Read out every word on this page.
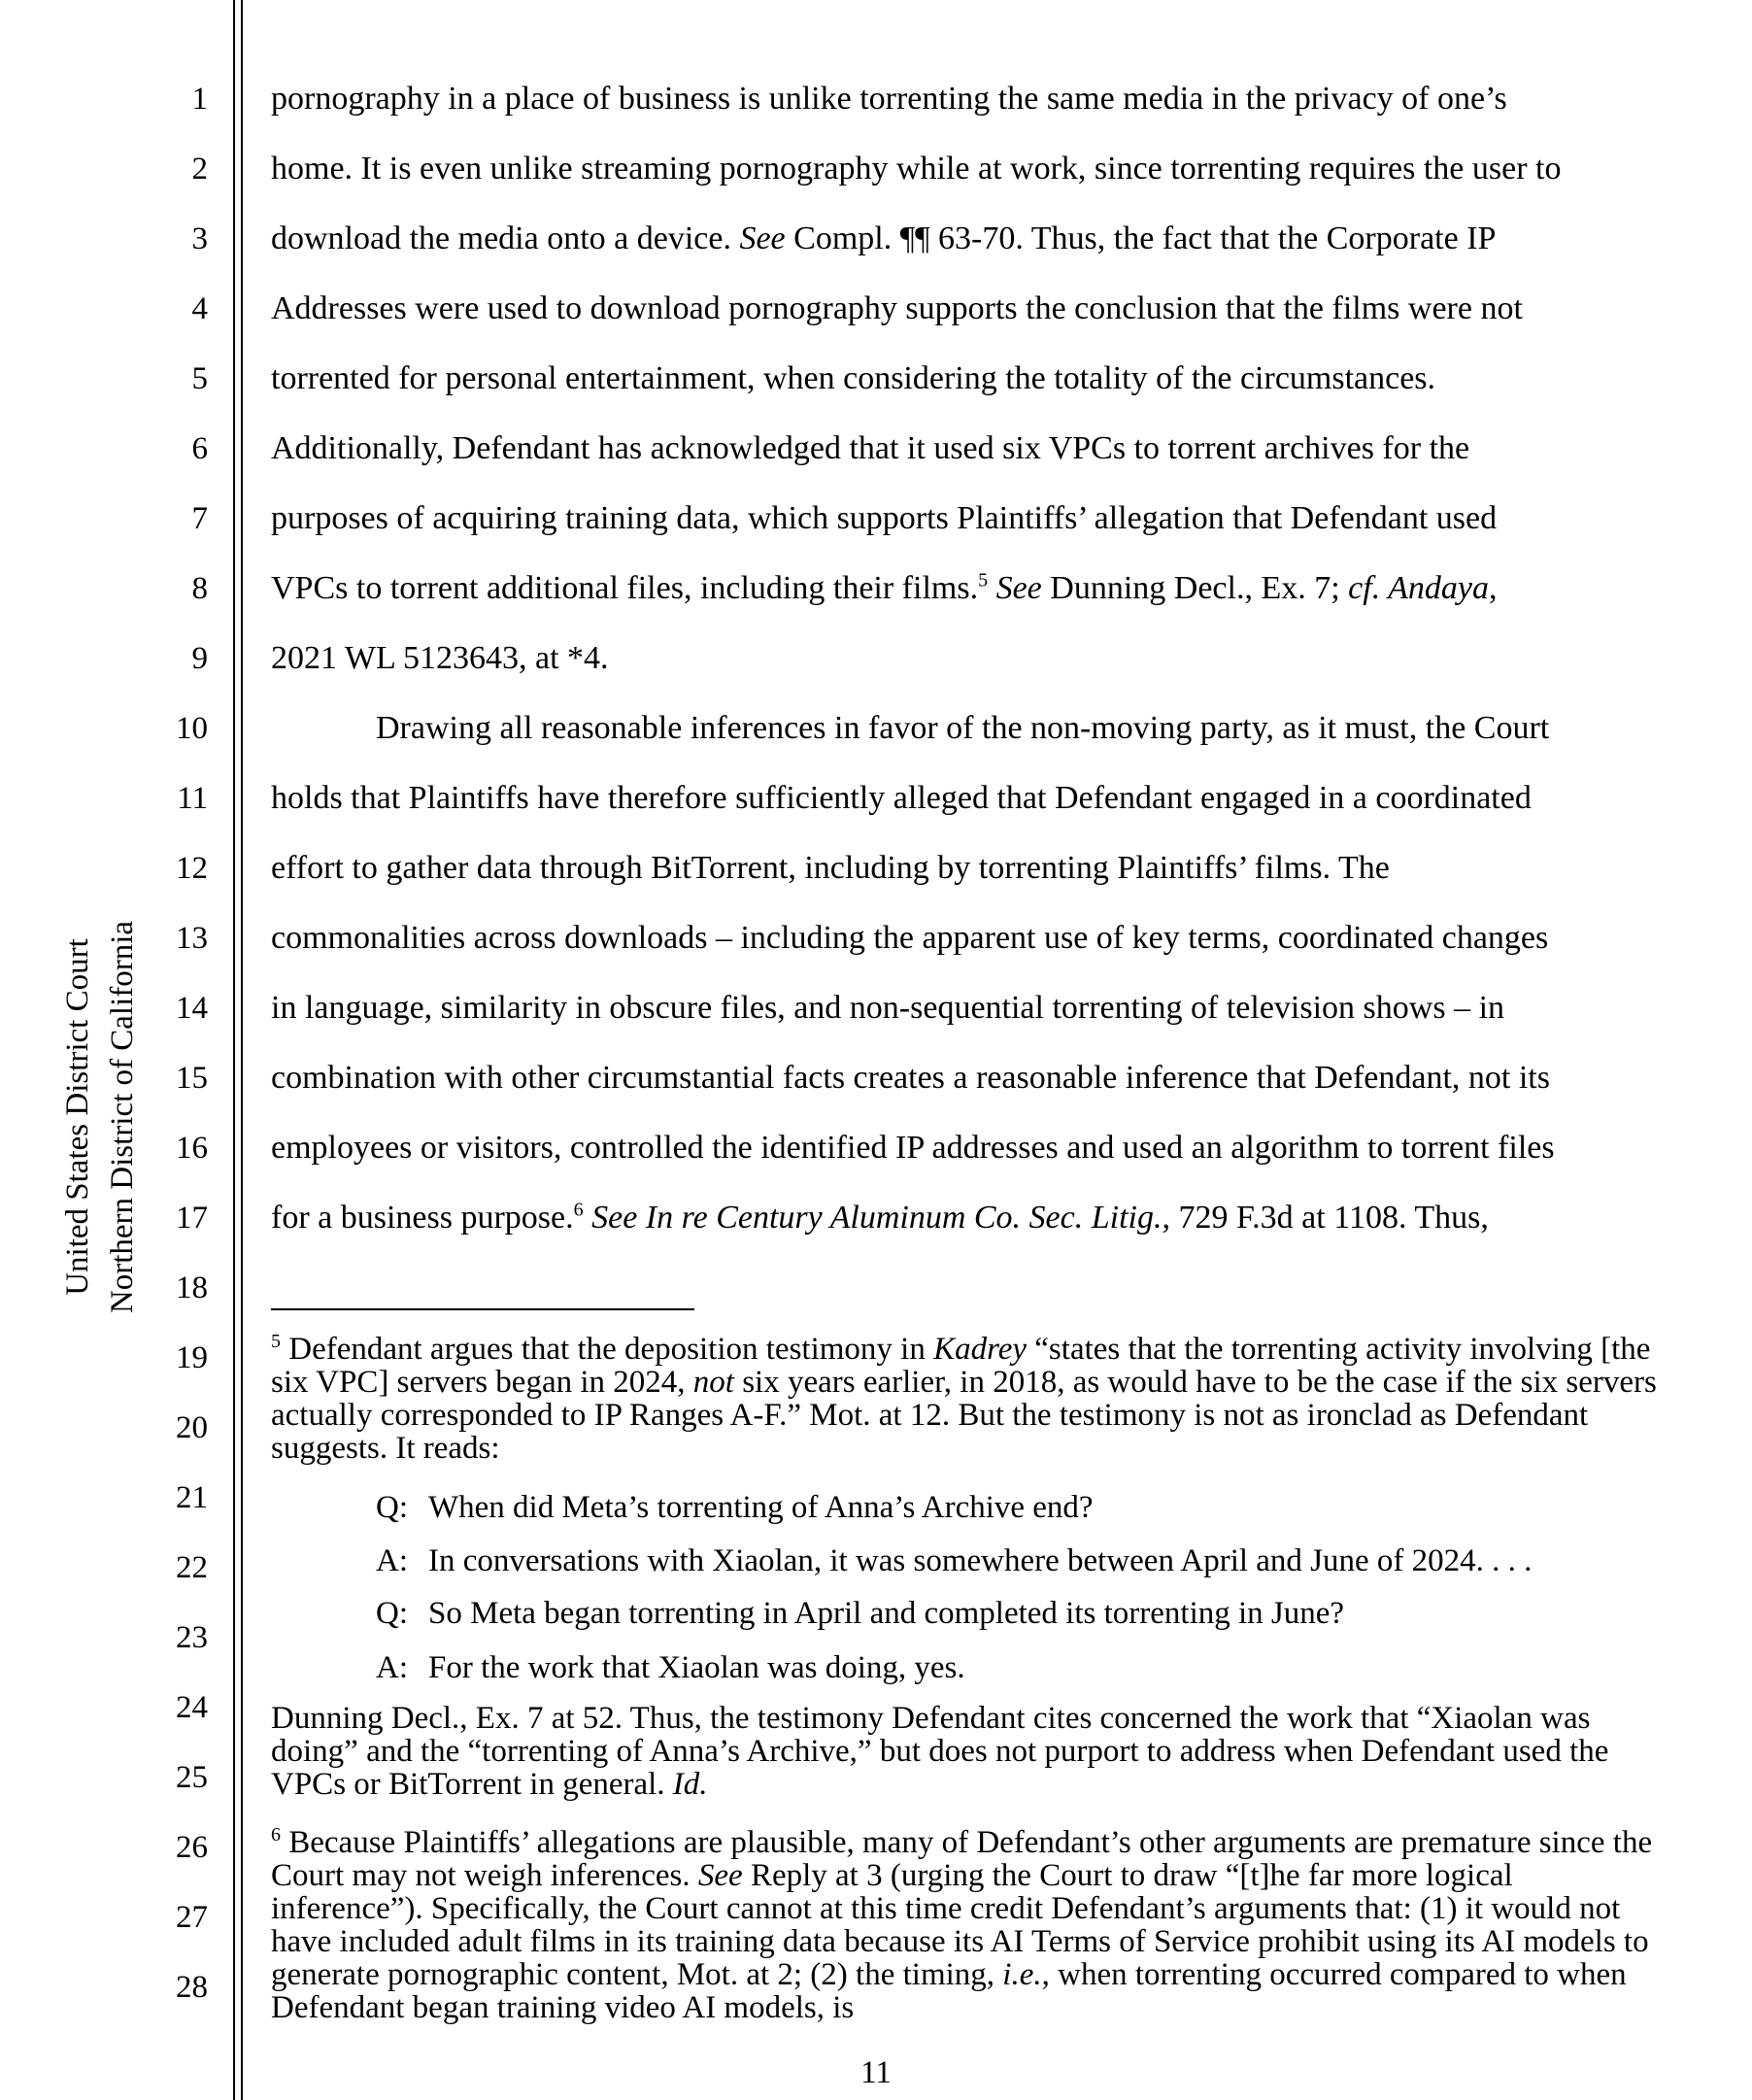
United States District Court Northern District of California
1
2
3
4
5
6
7
8
9
10
11
12
13
14
15
16
17
18
19
20
21
22
23
24
25
26
27
28
pornography in a place of business is unlike torrenting the same media in the privacy of one’s
home. It is even unlike streaming pornography while at work, since torrenting requires the user to
download the media onto a device. See Compl. ¶¶ 63-70. Thus, the fact that the Corporate IP
Addresses were used to download pornography supports the conclusion that the films were not
torrented for personal entertainment, when considering the totality of the circumstances.
Additionally, Defendant has acknowledged that it used six VPCs to torrent archives for the
purposes of acquiring training data, which supports Plaintiffs’ allegation that Defendant used
VPCs to torrent additional files, including their films.$^5$ See Dunning Decl., Ex. 7; cf. Andaya,
2021 WL 5123643, at *4.
Drawing all reasonable inferences in favor of the non-moving party, as it must, the Court
holds that Plaintiffs have therefore sufficiently alleged that Defendant engaged in a coordinated
effort to gather data through BitTorrent, including by torrenting Plaintiffs’ films. The
commonalities across downloads – including the apparent use of key terms, coordinated changes
in language, similarity in obscure files, and non-sequential torrenting of television shows – in
combination with other circumstantial facts creates a reasonable inference that Defendant, not its
employees or visitors, controlled the identified IP addresses and used an algorithm to torrent files
for a business purpose.$^6$ See In re Century Aluminum Co. Sec. Litig., 729 F.3d at 1108. Thus,
$^5$ Defendant argues that the deposition testimony in Kadrey “states that the torrenting activity involving [the six VPC] servers began in 2024, not six years earlier, in 2018, as would have to be the case if the six servers actually corresponded to IP Ranges A-F.” Mot. at 12. But the testimony is not as ironclad as Defendant suggests. It reads:
Q: When did Meta’s torrenting of Anna’s Archive end?
A: In conversations with Xiaolan, it was somewhere between April and June of 2024. . . .
Q: So Meta began torrenting in April and completed its torrenting in June?
A: For the work that Xiaolan was doing, yes.
Dunning Decl., Ex. 7 at 52. Thus, the testimony Defendant cites concerned the work that “Xiaolan was doing” and the “torrenting of Anna’s Archive,” but does not purport to address when Defendant used the VPCs or BitTorrent in general. Id.
$^6$ Because Plaintiffs’ allegations are plausible, many of Defendant’s other arguments are premature since the Court may not weigh inferences. See Reply at 3 (urging the Court to draw “[t]he far more logical inference”). Specifically, the Court cannot at this time credit Defendant’s arguments that: (1) it would not have included adult films in its training data because its AI Terms of Service prohibit using its AI models to generate pornographic content, Mot. at 2; (2) the timing, i.e., when torrenting occurred compared to when Defendant began training video AI models, is
11
